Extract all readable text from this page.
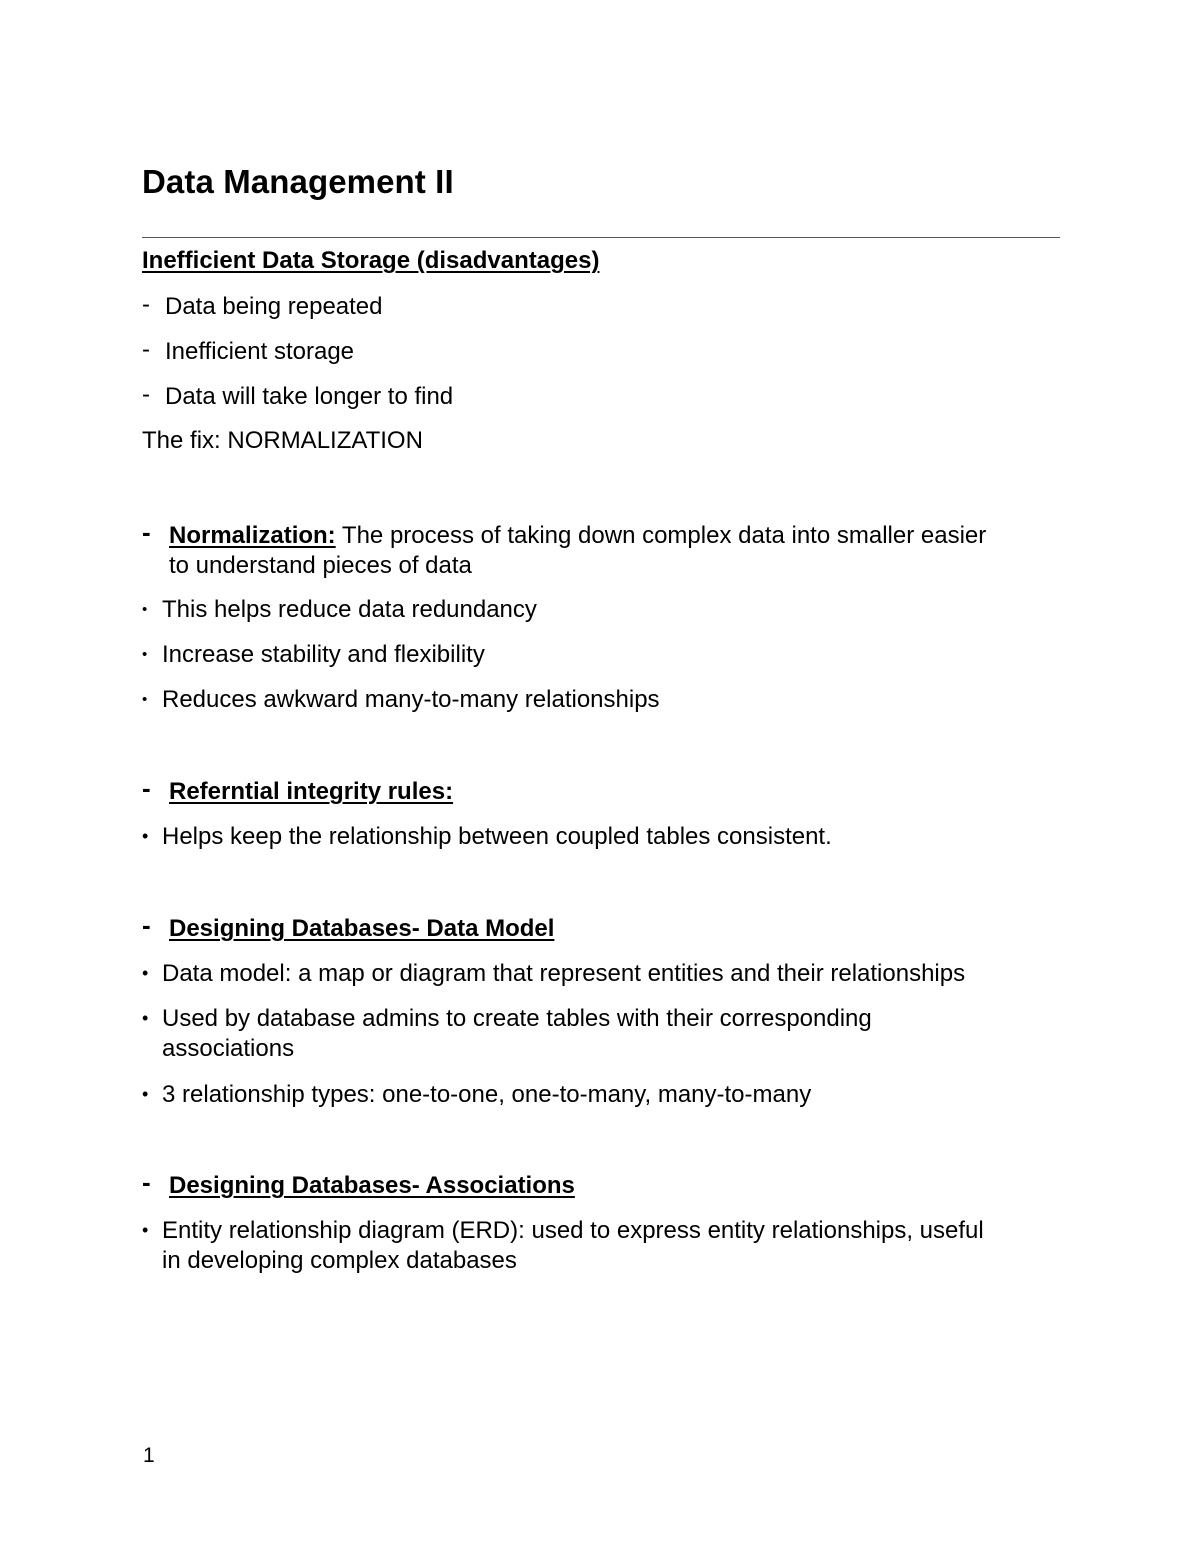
Data Management II
Inefficient Data Storage (disadvantages)
- Data being repeated
- Inefficient storage
- Data will take longer to find
The fix: NORMALIZATION
- Normalization: The process of taking down complex data into smaller easier
to understand pieces of data
• This helps reduce data redundancy
• Increase stability and flexibility
• Reduces awkward many-to-many relationships
- Referntial integrity rules:
• Helps keep the relationship between coupled tables consistent.
- Designing Databases- Data Model
• Data model: a map or diagram that represent entities and their relationships
• Used by database admins to create tables with their corresponding
associations
• 3 relationship types: one-to-one, one-to-many, many-to-many
- Designing Databases- Associations
• Entity relationship diagram (ERD): used to express entity relationships, useful
in developing complex databases
1
